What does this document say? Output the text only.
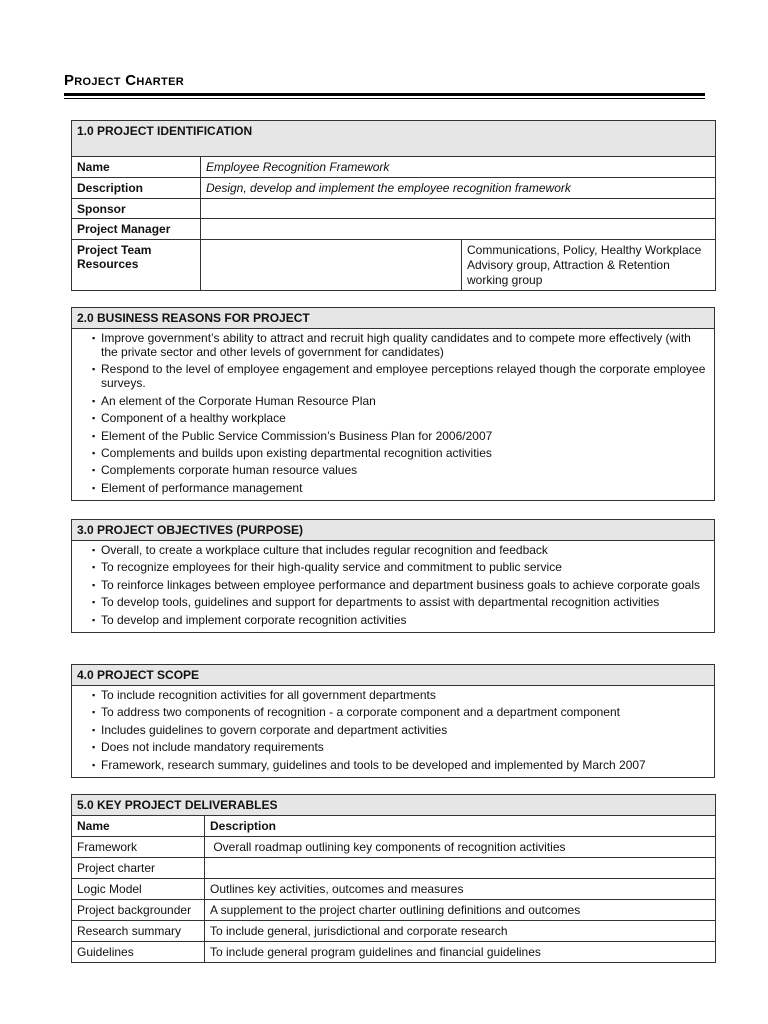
Project Charter
1.0 PROJECT IDENTIFICATION		
Name	Employee Recognition Framework	
Description	Design, develop and implement the employee recognition framework	
Sponsor		
Project Manager		
Project Team Resources		Communications, Policy, Healthy Workplace Advisory group, Attraction & Retention working group
2.0 BUSINESS REASONS FOR PROJECT

▪ Improve government’s ability to attract and recruit high quality candidates and to compete more effectively (with the private sector and other levels of government for candidates)
▪ Respond to the level of employee engagement and employee perceptions relayed though the corporate employee surveys.
▪ An element of the Corporate Human Resource Plan
▪ Component of a healthy workplace
▪ Element of the Public Service Commission’s Business Plan for 2006/2007
▪ Complements and builds upon existing departmental recognition activities
▪ Complements corporate human resource values
▪ Element of performance management
3.0 PROJECT OBJECTIVES (PURPOSE)

▪ Overall, to create a workplace culture that includes regular recognition and feedback
▪ To recognize employees for their high-quality service and commitment to public service
▪ To reinforce linkages between employee performance and department business goals to achieve corporate goals
▪ To develop tools, guidelines and support for departments to assist with departmental recognition activities
▪ To develop and implement corporate recognition activities
4.0 PROJECT SCOPE

▪ To include recognition activities for all government departments
▪ To address two components of recognition - a corporate component and a department component
▪ Includes guidelines to govern corporate and department activities
▪ Does not include mandatory requirements
▪ Framework, research summary, guidelines and tools to be developed and implemented by March 2007
5.0 KEY PROJECT DELIVERABLES	
Name	Description
Framework	Overall roadmap outlining key components of recognition activities
Project charter	
Logic Model	Outlines key activities, outcomes and measures
Project backgrounder	A supplement to the project charter outlining definitions and outcomes
Research summary	To include general, jurisdictional and corporate research
Guidelines	To include general program guidelines and financial guidelines
